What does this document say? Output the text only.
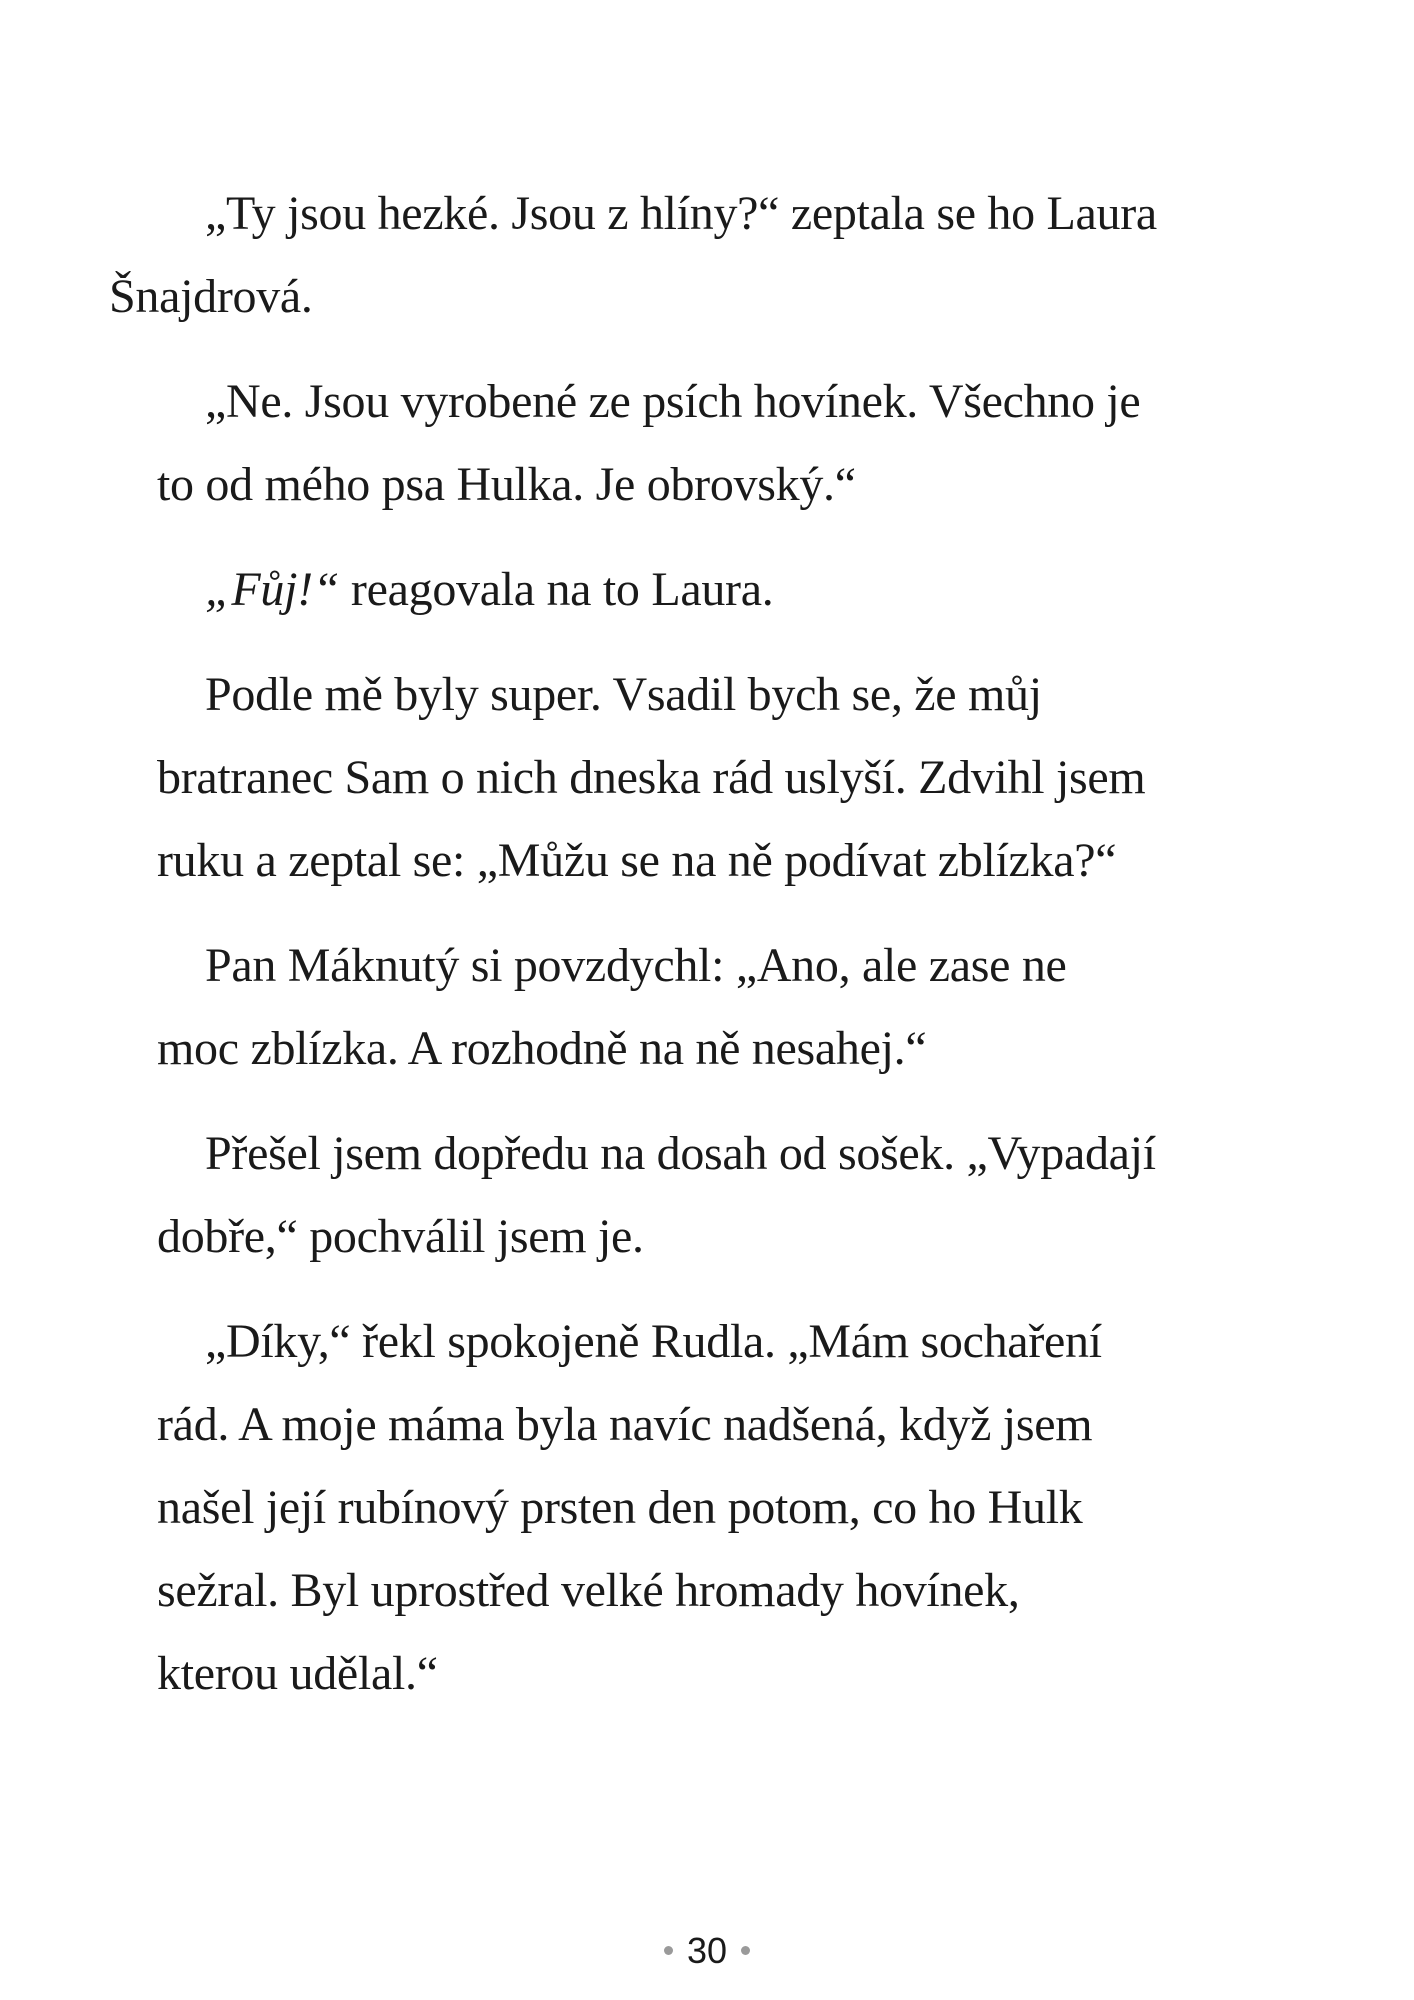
„Ty jsou hezké. Jsou z hlíny?“ zeptala se ho Laura
Šnajdrová.

„Ne. Jsou vyrobené ze psích hovínek. Všechno je
to od mého psa Hulka. Je obrovský.“

„Fůj!“ reagovala na to Laura.

Podle mě byly super. Vsadil bych se, že můj
bratranec Sam o nich dneska rád uslyší. Zdvihl jsem
ruku a zeptal se: „Můžu se na ně podívat zblízka?“

Pan Máknutý si povzdychl: „Ano, ale zase ne
moc zblízka. A rozhodně na ně nesahej.“

Přešel jsem dopředu na dosah od sošek. „Vypadají
dobře,“ pochválil jsem je.

„Díky,“ řekl spokojeně Rudla. „Mám sochaření
rád. A moje máma byla navíc nadšená, když jsem
našel její rubínový prsten den potom, co ho Hulk
sežral. Byl uprostřed velké hromady hovínek,
kterou udělal.“

30
